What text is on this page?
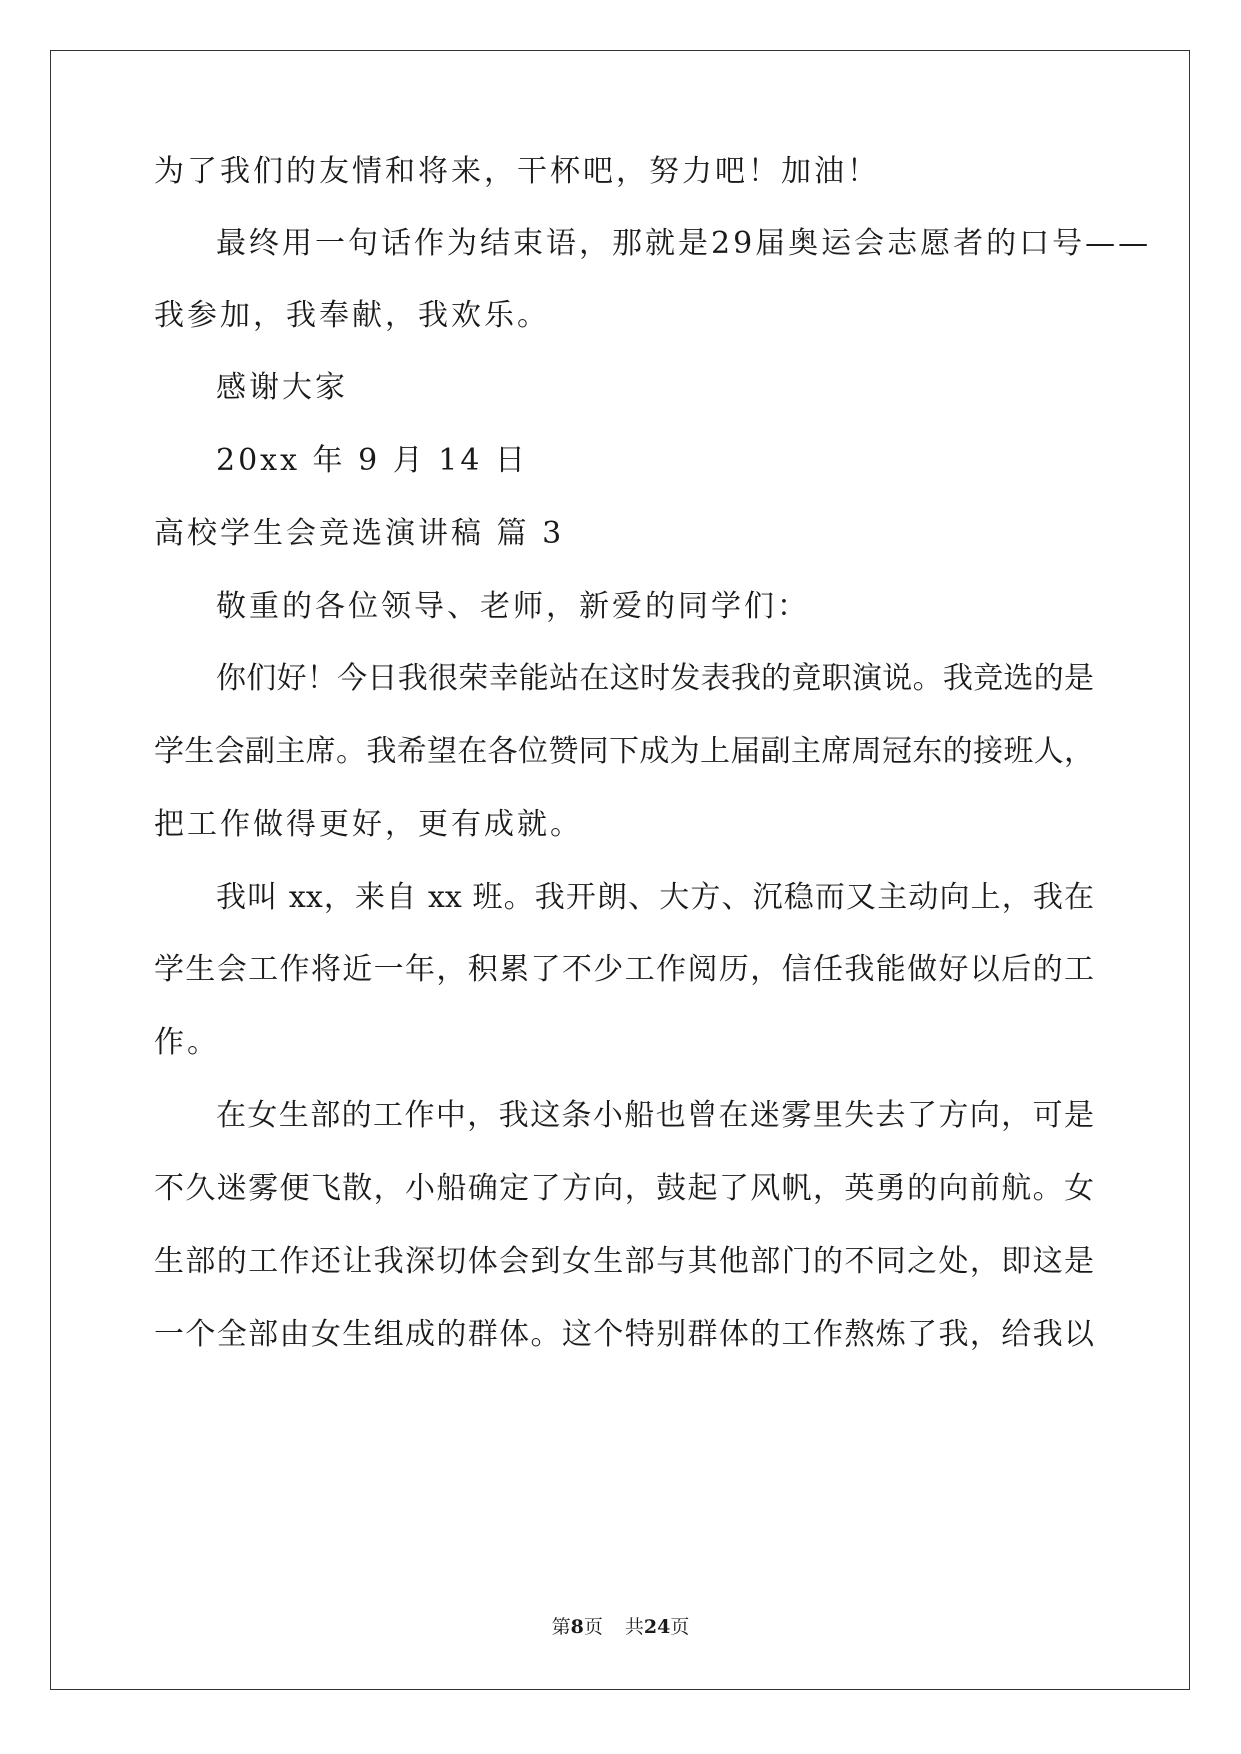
为了我们的友情和将来，干杯吧，努力吧！加油！
最终用一句话作为结束语，那就是29届奥运会志愿者的口号——
我参加，我奉献，我欢乐。
感谢大家
20xx 年 9 月 14 日
高校学生会竞选演讲稿 篇 3
敬重的各位领导、老师，新爱的同学们：
你们好！今日我很荣幸能站在这时发表我的竟职演说。我竞选的是
学生会副主席。我希望在各位赞同下成为上届副主席周冠东的接班人，
把工作做得更好，更有成就。
我叫 xx，来自 xx 班。我开朗、大方、沉稳而又主动向上，我在
学生会工作将近一年，积累了不少工作阅历，信任我能做好以后的工
作。
在女生部的工作中，我这条小船也曾在迷雾里失去了方向，可是
不久迷雾便飞散，小船确定了方向，鼓起了风帆，英勇的向前航。女
生部的工作还让我深切体会到女生部与其他部门的不同之处，即这是
一个全部由女生组成的群体。这个特别群体的工作熬炼了我，给我以
第8页 共24页
